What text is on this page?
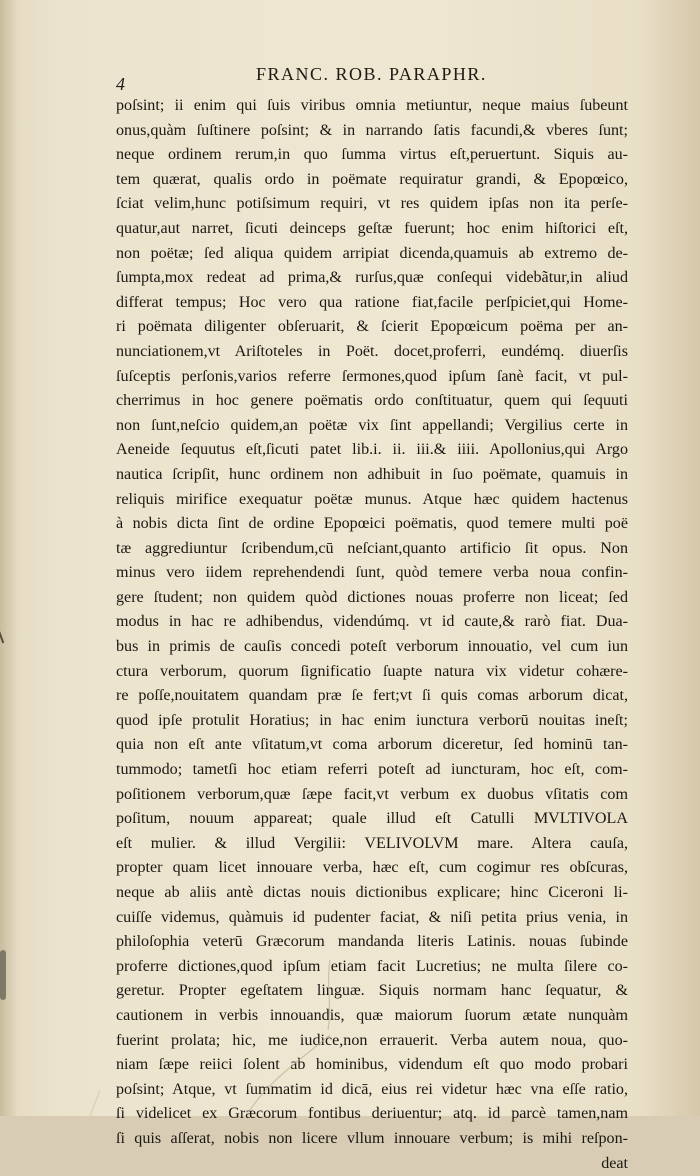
4	FRANC. ROB. PARAPHR.
poſsint; ii enim qui ſuis viribus omnia metiuntur, neque maius ſubeunt
onus,quàm ſuſtinere poſsint; & in narrando ſatis facundi,& vberes ſunt;
neque ordinem rerum,in quo ſumma virtus eſt,peruertunt. Siquis au-
tem quærat, qualis ordo in poëmate requiratur grandi, & Epopœico,
ſciat velim,hunc potiſsimum requiri, vt res quidem ipſas non ita perſe-
quatur,aut narret, ſicuti deinceps geſtæ fuerunt; hoc enim hiſtorici eſt,
non poëtæ; ſed aliqua quidem arripiat dicenda,quamuis ab extremo de-
ſumpta,mox redeat ad prima,& rurſus,quæ conſequi videbãtur,in aliud
differat tempus; Hoc vero qua ratione fiat,facile perſpiciet,qui Home-
ri poëmata diligenter obſeruarit, & ſcierit Epopœicum poëma per an-
nunciationem,vt Ariſtoteles in Poët. docet,proferri, eundémq. diuerſis
ſuſceptis perſonis,varios referre ſermones,quod ipſum ſanè facit, vt pul-
cherrimus in hoc genere poëmatis ordo conſtituatur, quem qui ſequuti
non ſunt,neſcio quidem,an poëtæ vix ſint appellandi; Vergilius certe in
Aeneide ſequutus eſt,ſicuti patet lib.i. ii. iii.& iiii. Apollonius,qui Argo
nautica ſcripſit, hunc ordinem non adhibuit in ſuo poëmate, quamuis in
reliquis mirifice exequatur poëtæ munus. Atque hæc quidem hactenus
à nobis dicta ſint de ordine Epopœici poëmatis, quod temere multi poë
tæ aggrediuntur ſcribendum,cū neſciant,quanto artificio ſit opus. Non
minus vero iidem reprehendendi ſunt, quòd temere verba noua confin-
gere ſtudent; non quidem quòd dictiones nouas proferre non liceat; ſed
modus in hac re adhibendus, videndúmq. vt id caute,& rarò fiat. Dua-
bus in primis de cauſis concedi poteſt verborum innouatio, vel cum iun
ctura verborum, quorum ſignificatio ſuapte natura vix videtur cohære-
re poſſe,nouitatem quandam præ ſe fert;vt ſi quis comas arborum dicat,
quod ipſe protulit Horatius; in hac enim iunctura verborū nouitas ineſt;
quia non eſt ante vſitatum,vt coma arborum diceretur, ſed hominū tan-
tummodo; tametſi hoc etiam referri poteſt ad iuncturam, hoc eſt, com-
poſitionem verborum,quæ ſæpe facit,vt verbum ex duobus vſitatis com
poſitum, nouum appareat; quale illud eſt Catulli MVLTIVOLA
eſt mulier. & illud Vergilii: VELIVOLVM mare. Altera cauſa,
propter quam licet innouare verba, hæc eſt, cum cogimur res obſcuras,
neque ab aliis antè dictas nouis dictionibus explicare; hinc Ciceroni li-
cuiſſe videmus, quàmuis id pudenter faciat, & niſi petita prius venia, in
philoſophia veterū Græcorum mandanda literis Latinis. nouas ſubinde
proferre dictiones,quod ipſum etiam facit Lucretius; ne multa ſilere co-
geretur. Propter egeſtatem linguæ. Siquis normam hanc ſequatur, &
cautionem in verbis innouandis, quæ maiorum ſuorum ætate nunquàm
fuerint prolata; hic, me iudice,non errauerit. Verba autem noua, quo-
niam ſæpe reiici ſolent ab hominibus, videndum eſt quo modo probari
poſsint; Atque, vt ſummatim id dicā, eius rei videtur hæc vna eſſe ratio,
ſi videlicet ex Græcorum fontibus deriuentur; atq. id parcè tamen,nam
ſi quis aſſerat, nobis non licere vllum innouare verbum; is mihi reſpon-
deat
